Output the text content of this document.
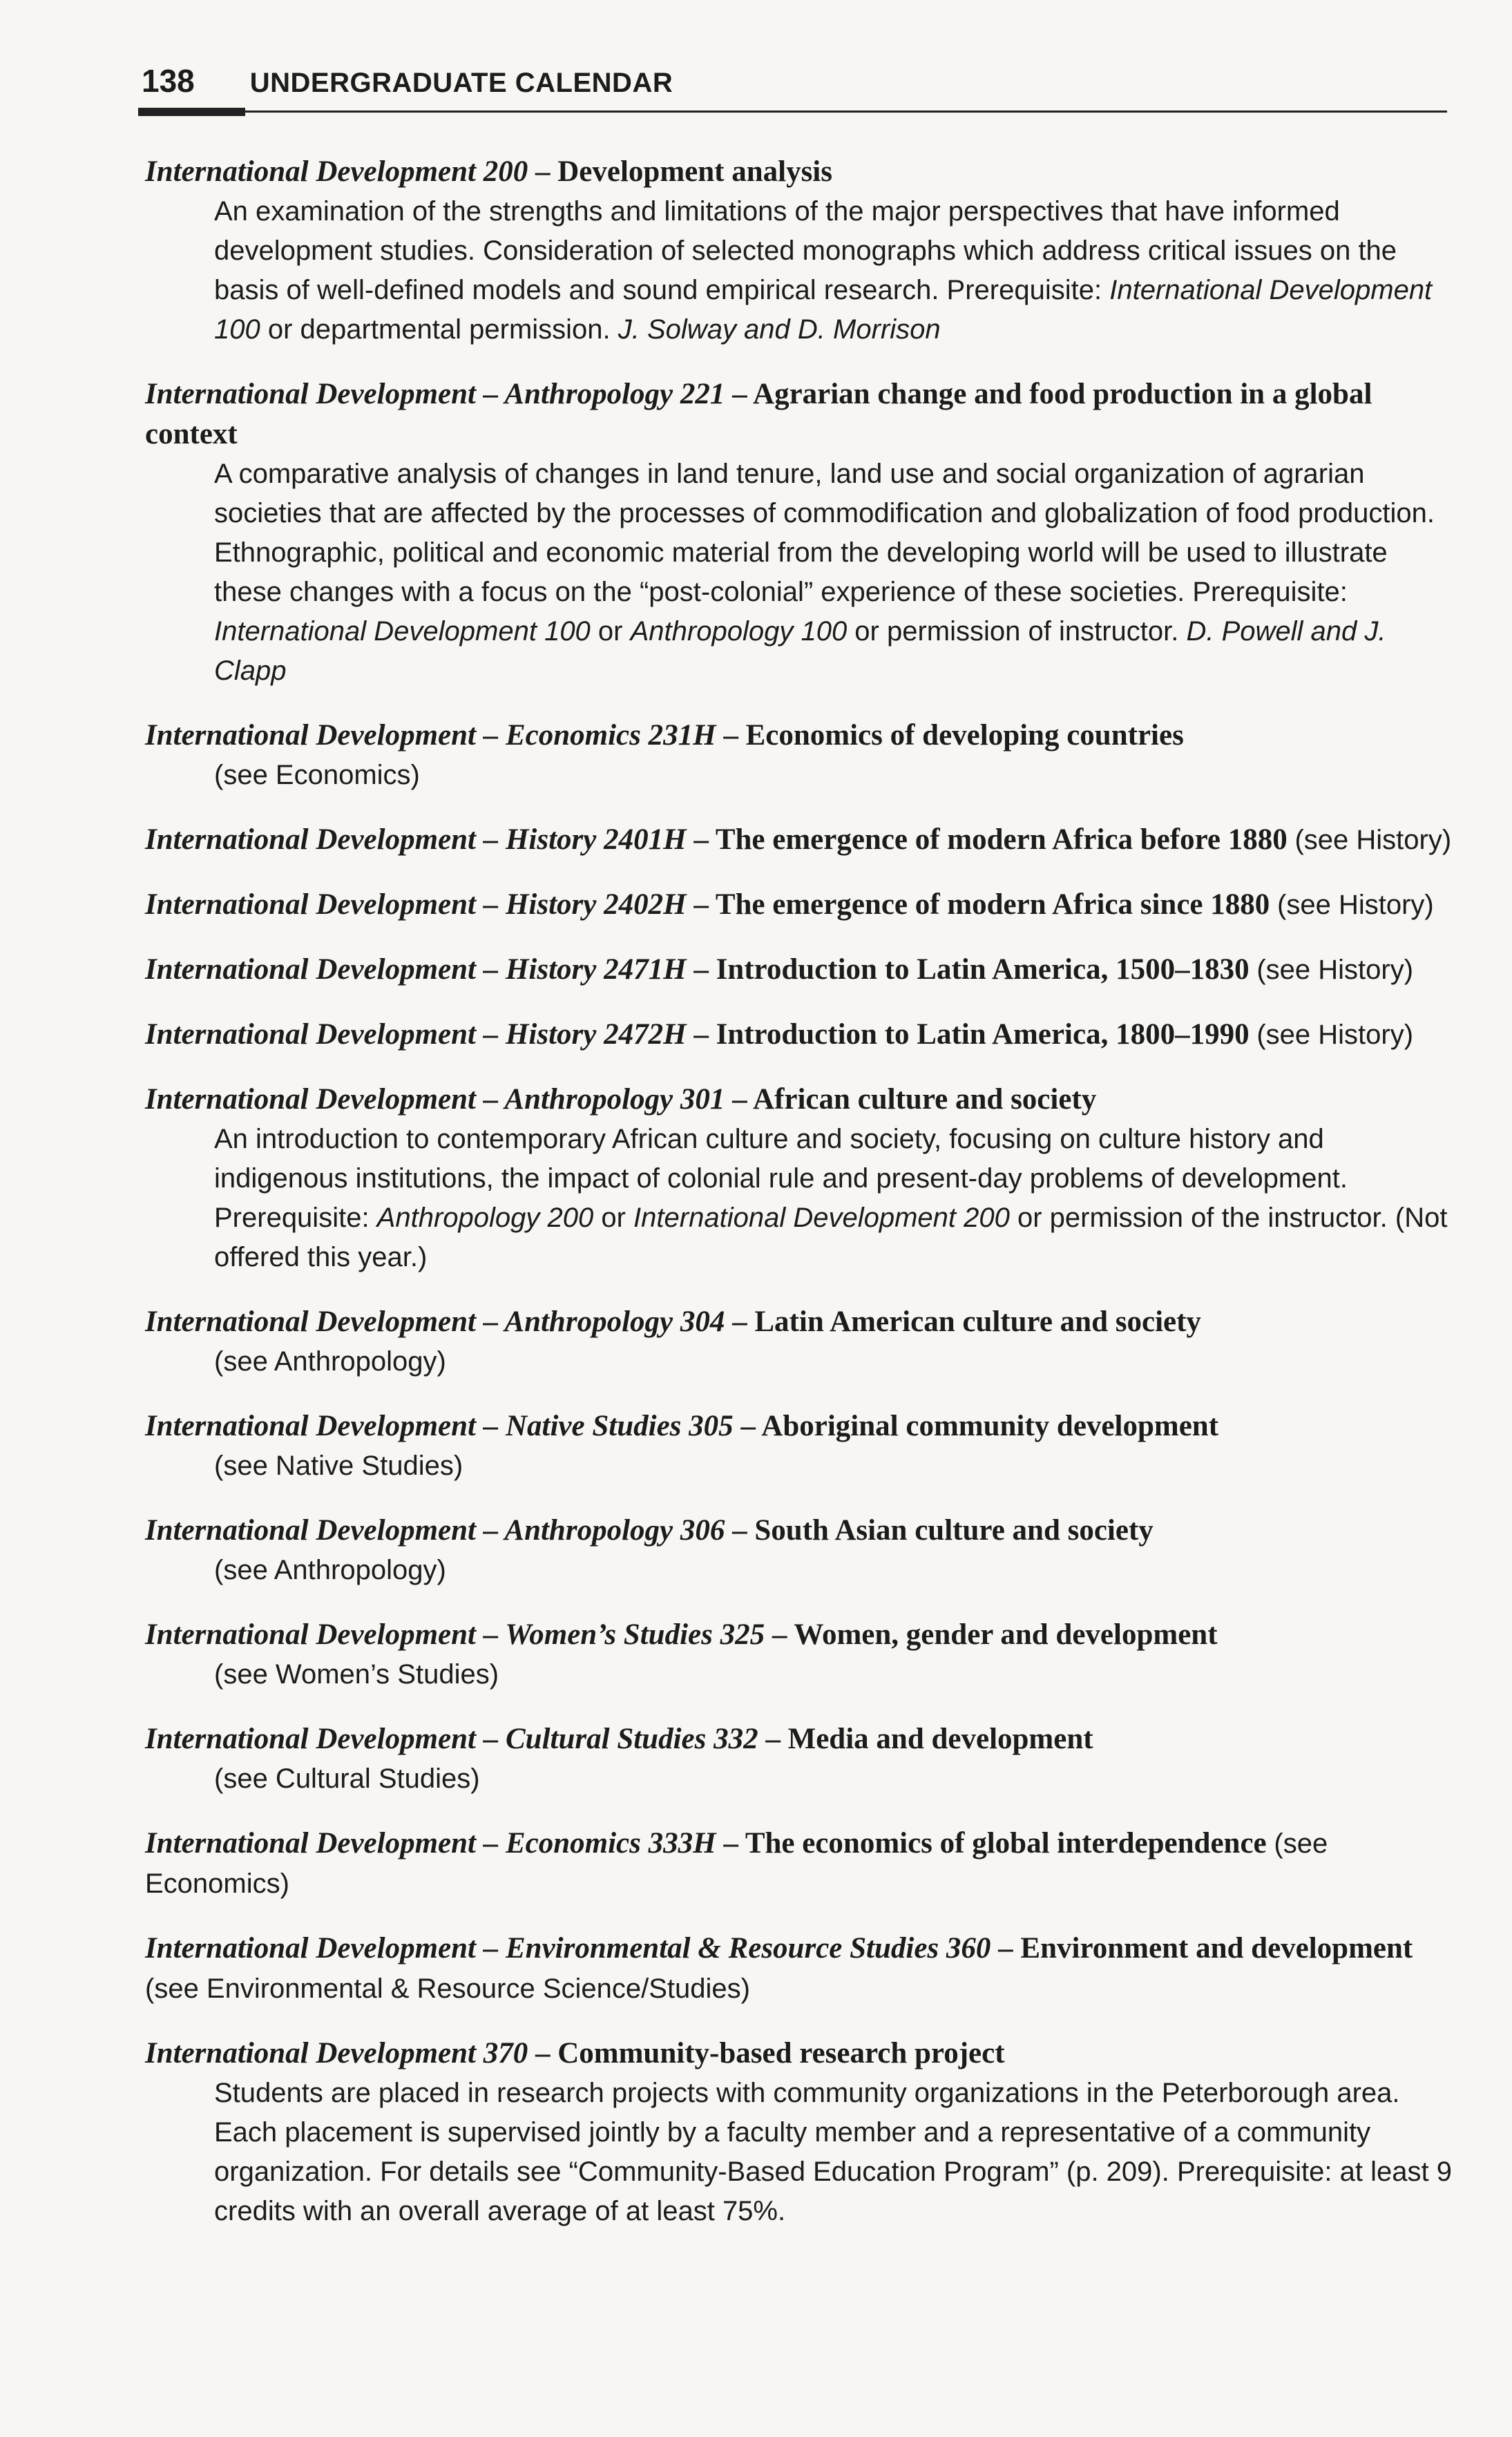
138 UNDERGRADUATE CALENDAR
International Development 200 – Development analysis
An examination of the strengths and limitations of the major perspectives that have informed development studies. Consideration of selected monographs which address critical issues on the basis of well-defined models and sound empirical research. Prerequisite: International Development 100 or departmental permission. J. Solway and D. Morrison
International Development – Anthropology 221 – Agrarian change and food production in a global context
A comparative analysis of changes in land tenure, land use and social organization of agrarian societies that are affected by the processes of commodification and globalization of food production. Ethnographic, political and economic material from the developing world will be used to illustrate these changes with a focus on the “post-colonial” experience of these societies. Prerequisite: International Development 100 or Anthropology 100 or permission of instructor. D. Powell and J. Clapp
International Development – Economics 231H – Economics of developing countries
(see Economics)
International Development – History 2401H – The emergence of modern Africa before 1880 (see History)
International Development – History 2402H – The emergence of modern Africa since 1880 (see History)
International Development – History 2471H – Introduction to Latin America, 1500–1830 (see History)
International Development – History 2472H – Introduction to Latin America, 1800–1990 (see History)
International Development – Anthropology 301 – African culture and society
An introduction to contemporary African culture and society, focusing on culture history and indigenous institutions, the impact of colonial rule and present-day problems of development. Prerequisite: Anthropology 200 or International Development 200 or permission of the instructor. (Not offered this year.)
International Development – Anthropology 304 – Latin American culture and society
(see Anthropology)
International Development – Native Studies 305 – Aboriginal community development
(see Native Studies)
International Development – Anthropology 306 – South Asian culture and society
(see Anthropology)
International Development – Women’s Studies 325 – Women, gender and development
(see Women’s Studies)
International Development – Cultural Studies 332 – Media and development
(see Cultural Studies)
International Development – Economics 333H – The economics of global interdependence (see Economics)
International Development – Environmental & Resource Studies 360 – Environment and development (see Environmental & Resource Science/Studies)
International Development 370 – Community-based research project
Students are placed in research projects with community organizations in the Peterborough area. Each placement is supervised jointly by a faculty member and a representative of a community organization. For details see “Community-Based Education Program” (p. 209). Prerequisite: at least 9 credits with an overall average of at least 75%.
